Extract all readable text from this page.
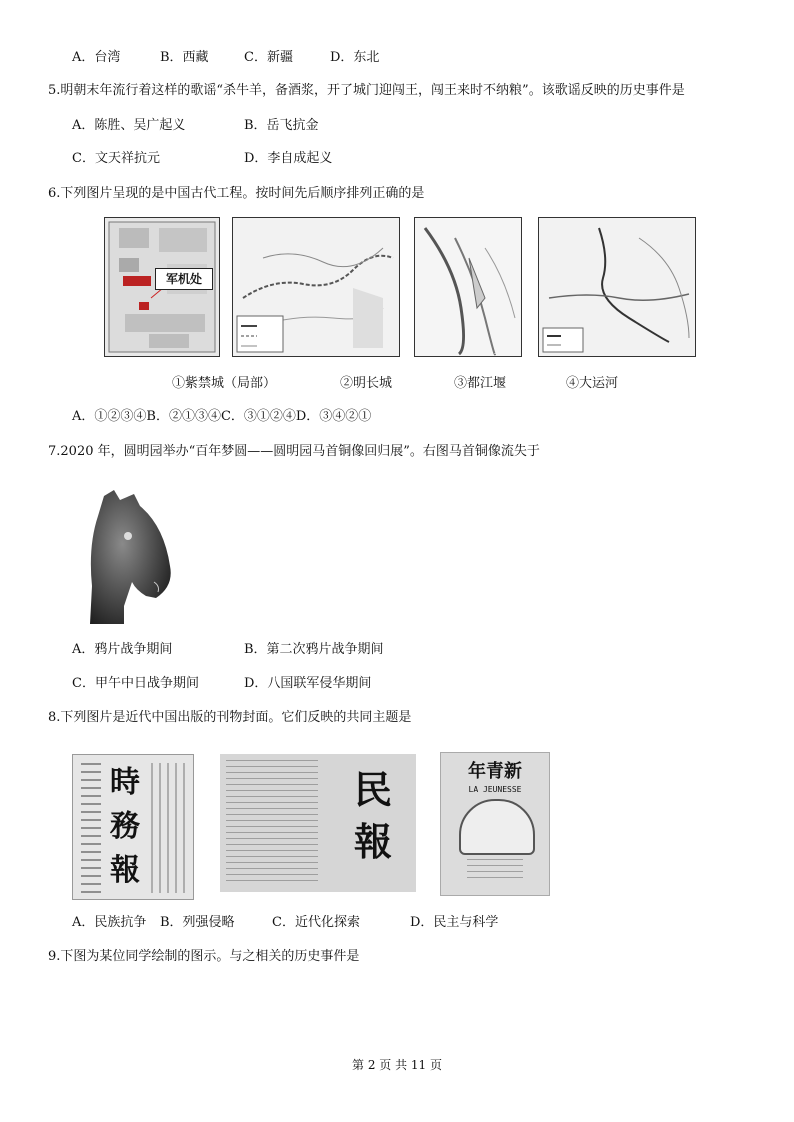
A．台湾	B．西藏	C．新疆	D．东北
5.明朝末年流行着这样的歌谣“杀牛羊，备酒浆，开了城门迎闯王，闯王来时不纳粮”。该歌谣反映的历史事件是
A．陈胜、吴广起义	B．岳飞抗金
C．文天祥抗元	D．李自成起义
6.下列图片呈现的是中国古代工程。按时间先后顺序排列正确的是
军机处
①紫禁城（局部）	②明长城	③都江堰	④大运河
A．①②③④B．②①③④C．③①②④D．③④②①
7.2020 年，圆明园举办“百年梦圆——圆明园马首铜像回归展”。右图马首铜像流失于
A．鸦片战争期间	B．第二次鸦片战争期间
C．甲午中日战争期间	D．八国联军侵华期间
8.下列图片是近代中国出版的刊物封面。它们反映的共同主题是
時務報
民報
新青年
LA JEUNESSE
A．民族抗争 B．列强侵略	C．近代化探索	D．民主与科学
9.下图为某位同学绘制的图示。与之相关的历史事件是
第 2 页 共 11 页
